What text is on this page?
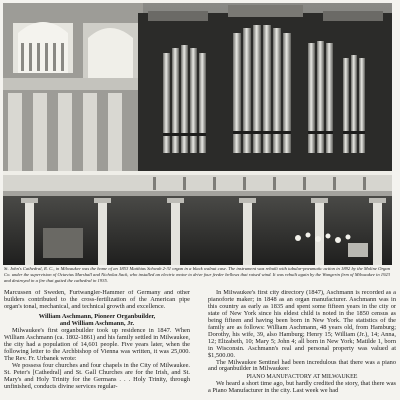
St. John's Cathedral, R. C., in Milwaukee was the home of an 1853 Matthias Schwab 2-31 organ in a black walnut case. The instrument was rebuilt with tubular-pneumatic action in 1892 by the Moline Organ Co. under the supervision of Octavius Marshall and Nicholas Sack, who installed an electric motor to drive four feeder bellows that raised wind. It was rebuilt again by the Wangerin firm of Milwaukee in 1923 and destroyed in a fire that gutted the cathedral in 1935.

Marcussen of Sweden, Furtwangler-Hammer of Germany and other builders contributed to the cross-fertilization of the American pipe organ's tonal, mechanical, and technical growth and excellence.

William Aschmann, Pioneer Organbuilder,
and William Aschmann, Jr.

Milwaukee's first organbuilder took up residence in 1847. When William Aschmann (ca. 1802-1861) and his family settled in Milwaukee, the city had a population of 14,601 people. Five years later, when the following letter to the Archbishop of Vienna was written, it was 25,000. The Rev. Fr. Urbanek wrote:

We possess four churches and four chapels in the City of Milwaukee. St. Peter's [Cathedral] and St. Gall Churches are for the Irish, and St. Mary's and Holy Trinity for the Germans . . . Holy Trinity, through unfinished, conducts divine services regular-

In Milwaukee's first city directory (1847), Aschmann is recorded as a pianoforte maker; in 1848 as an organ manufacturer. Aschmann was in this country as early as 1835 and spent some fifteen years in the city or state of New York since his eldest child is noted in the 1850 census as being fifteen and having been born in New York. The statistics of the family are as follows: William Aschmann, 48 years old, from Hamburg; Dorothy, his wife, 39, also Hamburg; Henry 15; William (Jr.), 14; Anna, 12; Elizabeth, 10; Mary 5; John 4; all born in New York; Matilde 1, born in Wisconsin. Aschmann's real and personal property was valued at $1,500.00.

The Milwaukee Sentinel had been incredulous that there was a piano and organbuilder in Milwaukee:

PIANO MANUFACTORY AT MILWAUKEE

We heard a short time ago, but hardly credited the story, that there was a Piano Manufacturer in the city. Last week we had
